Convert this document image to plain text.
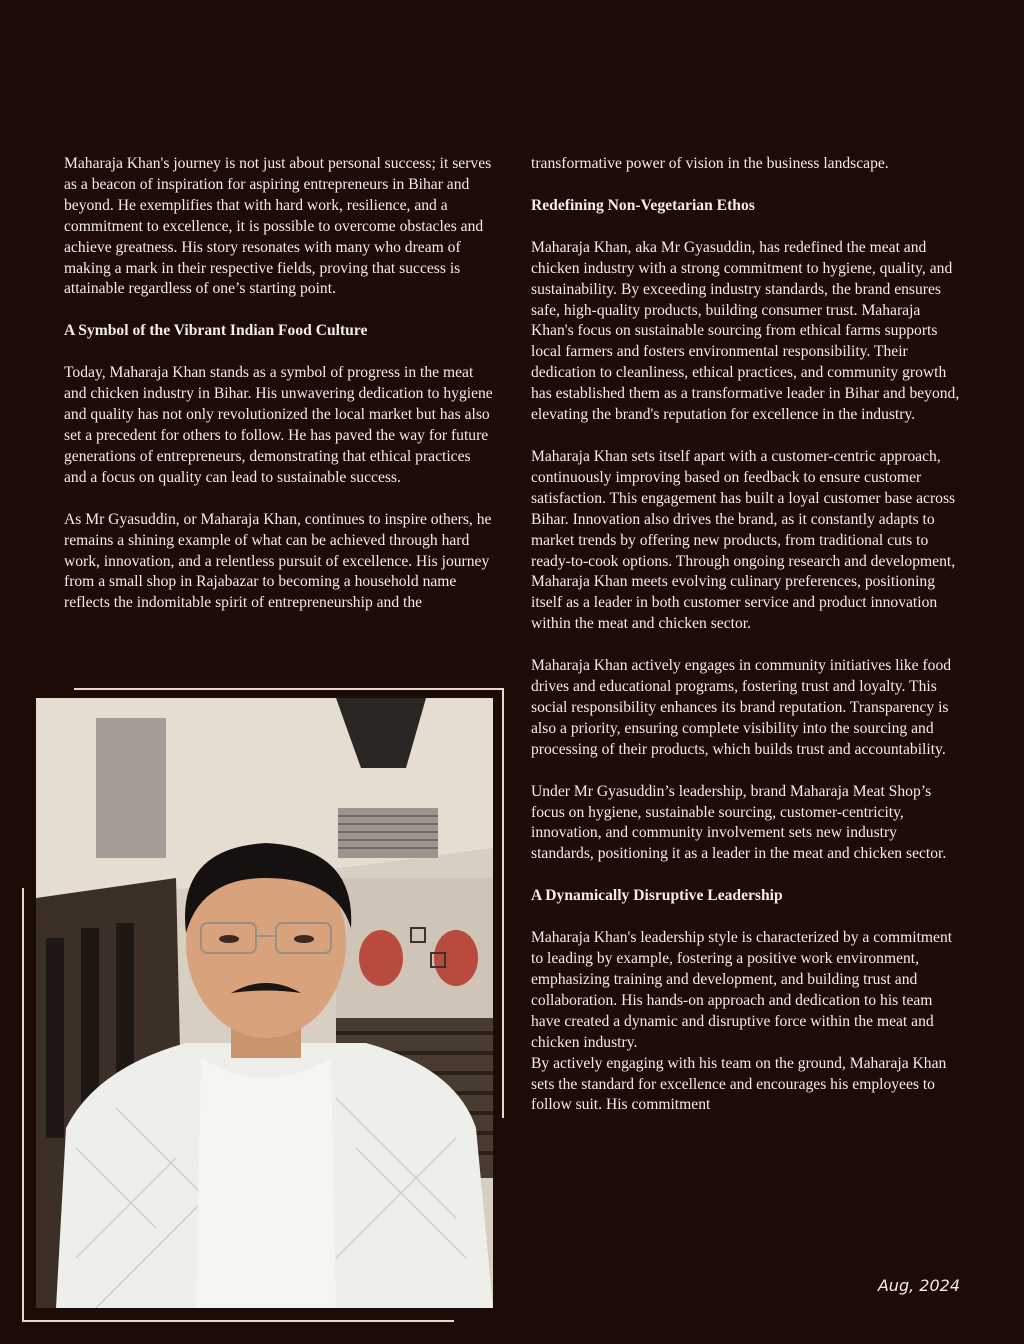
Maharaja Khan's journey is not just about personal success; it serves as a beacon of inspiration for aspiring entrepreneurs in Bihar and beyond. He exemplifies that with hard work, resilience, and a commitment to excellence, it is possible to overcome obstacles and achieve greatness. His story resonates with many who dream of making a mark in their respective fields, proving that success is attainable regardless of one’s starting point.

A Symbol of the Vibrant Indian Food Culture

Today, Maharaja Khan stands as a symbol of progress in the meat and chicken industry in Bihar. His unwavering dedication to hygiene and quality has not only revolutionized the local market but has also set a precedent for others to follow. He has paved the way for future generations of entrepreneurs, demonstrating that ethical practices and a focus on quality can lead to sustainable success.

As Mr Gyasuddin, or Maharaja Khan, continues to inspire others, he remains a shining example of what can be achieved through hard work, innovation, and a relentless pursuit of excellence. His journey from a small shop in Rajabazar to becoming a household name reflects the indomitable spirit of entrepreneurship and the

transformative power of vision in the business landscape.

Redefining Non-Vegetarian Ethos

Maharaja Khan, aka Mr Gyasuddin, has redefined the meat and chicken industry with a strong commitment to hygiene, quality, and sustainability. By exceeding industry standards, the brand ensures safe, high-quality products, building consumer trust. Maharaja Khan's focus on sustainable sourcing from ethical farms supports local farmers and fosters environmental responsibility. Their dedication to cleanliness, ethical practices, and community growth has established them as a transformative leader in Bihar and beyond, elevating the brand's reputation for excellence in the industry.

Maharaja Khan sets itself apart with a customer-centric approach, continuously improving based on feedback to ensure customer satisfaction. This engagement has built a loyal customer base across Bihar. Innovation also drives the brand, as it constantly adapts to market trends by offering new products, from traditional cuts to ready-to-cook options. Through ongoing research and development, Maharaja Khan meets evolving culinary preferences, positioning itself as a leader in both customer service and product innovation within the meat and chicken sector.

Maharaja Khan actively engages in community initiatives like food drives and educational programs, fostering trust and loyalty. This social responsibility enhances its brand reputation. Transparency is also a priority, ensuring complete visibility into the sourcing and processing of their products, which builds trust and accountability.

Under Mr Gyasuddin’s leadership, brand Maharaja Meat Shop’s focus on hygiene, sustainable sourcing, customer-centricity, innovation, and community involvement sets new industry standards, positioning it as a leader in the meat and chicken sector.

A Dynamically Disruptive Leadership

Maharaja Khan's leadership style is characterized by a commitment to leading by example, fostering a positive work environment, emphasizing training and development, and building trust and collaboration. His hands-on approach and dedication to his team have created a dynamic and disruptive force within the meat and chicken industry.

By actively engaging with his team on the ground, Maharaja Khan sets the standard for excellence and encourages his employees to follow suit. His commitment

Aug, 2024
